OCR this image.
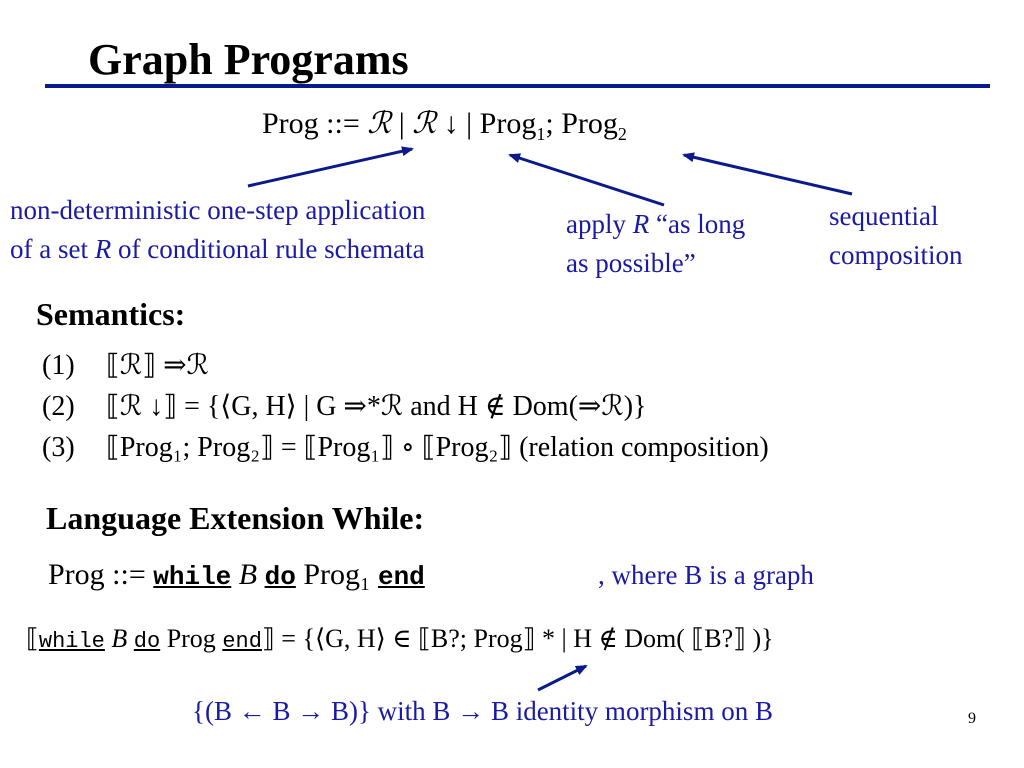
Graph Programs
Prog ::= ℛ | ℛ ↓ | Prog$_1$; Prog$_2$
non-deterministic one-step application
of a set R of conditional rule schemata
apply R “as long
as possible”
sequential
composition
Semantics:
(1) ⟦ℛ⟧ ⇒ℛ
(2) ⟦ℛ ↓⟧ = {⟨G, H⟩ | G ⇒*ℛ and H ∉ Dom(⇒ℛ)}
(3) ⟦Prog₁; Prog₂⟧ = ⟦Prog₁⟧ ∘ ⟦Prog₂⟧ (relation composition)
Language Extension While:
Prog ::= while B do Prog₁ end	, where B is a graph
⟦while B do Prog end⟧ = {⟨G, H⟩ ∈ ⟦B?; Prog⟧ * | H ∉ Dom( ⟦B?⟧ )}
{(B ← B → B)} with B → B identity morphism on B	9
